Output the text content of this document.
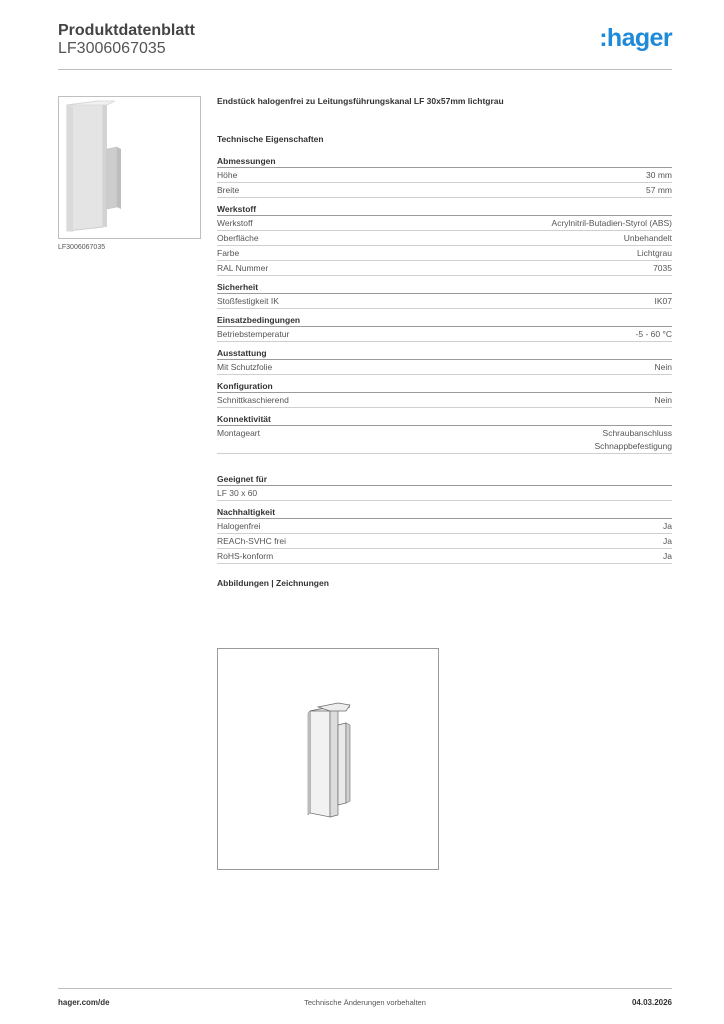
Produktdatenblatt
LF3006067035	:hager
LF3006067035
Endstück halogenfrei zu Leitungsführungskanal LF 30x57mm lichtgrau
Technische Eigenschaften
Abmessungen
Höhe	30 mm
Breite	57 mm
Werkstoff
Werkstoff	Acrylnitril-Butadien-Styrol (ABS)
Oberfläche	Unbehandelt
Farbe	Lichtgrau
RAL Nummer	7035
Sicherheit
Stoßfestigkeit IK	IK07
Einsatzbedingungen
Betriebstemperatur	-5 - 60 °C
Ausstattung
Mit Schutzfolie	Nein
Konfiguration
Schnittkaschierend	Nein
Konnektivität
Montageart	Schraubanschluss
Schnappbefestigung
Geeignet für
LF 30 x 60
Nachhaltigkeit
Halogenfrei	Ja
REACh-SVHC frei	Ja
RoHS-konform	Ja
Abbildungen | Zeichnungen
hager.com/de	Technische Änderungen vorbehalten	04.03.2026
